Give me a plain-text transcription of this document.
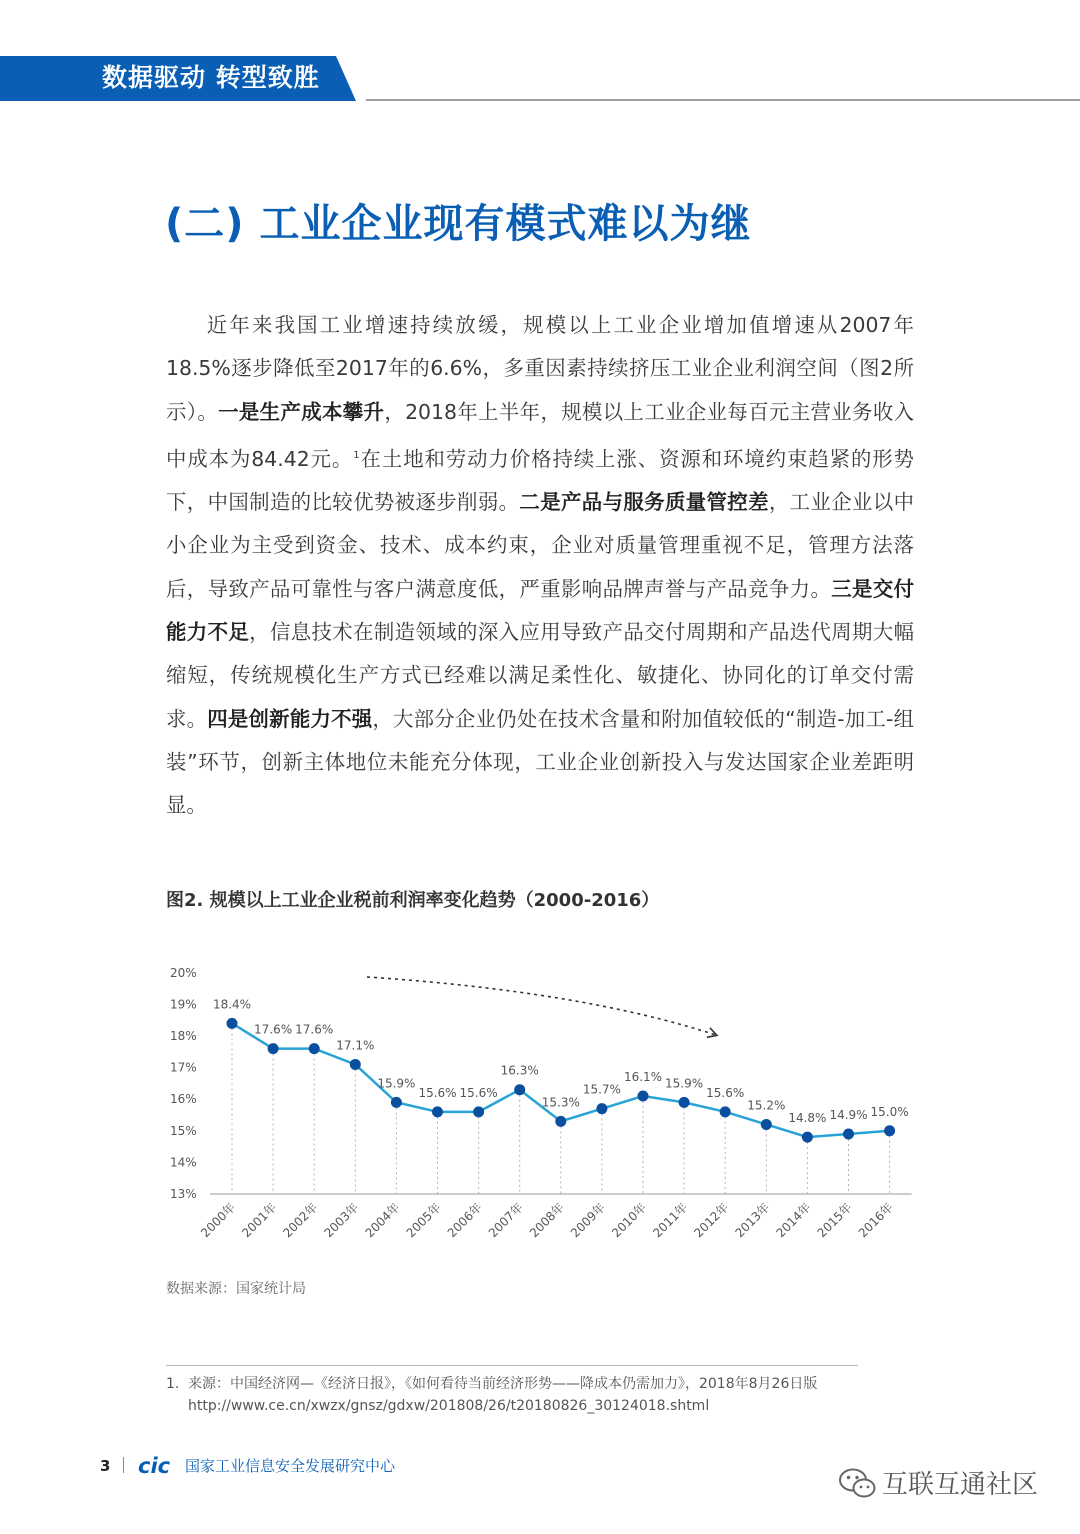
数据驱动 转型致胜
(二) 工业企业现有模式难以为继

近年来我国工业增速持续放缓，规模以上工业企业增加值增速从2007年18.5%逐步降低至2017年的6.6%，多重因素持续挤压工业企业利润空间（图2所示）。一是生产成本攀升，2018年上半年，规模以上工业企业每百元主营业务收入中成本为84.42元。$^1$在土地和劳动力价格持续上涨、资源和环境约束趋紧的形势下，中国制造的比较优势被逐步削弱。二是产品与服务质量管控差，工业企业以中小企业为主受到资金、技术、成本约束，企业对质量管理重视不足，管理方法落后，导致产品可靠性与客户满意度低，严重影响品牌声誉与产品竞争力。三是交付能力不足，信息技术在制造领域的深入应用导致产品交付周期和产品迭代周期大幅缩短，传统规模化生产方式已经难以满足柔性化、敏捷化、协同化的订单交付需求。四是创新能力不强，大部分企业仍处在技术含量和附加值较低的“制造-加工-组装”环节，创新主体地位未能充分体现，工业企业创新投入与发达国家企业差距明显。

图2. 规模以上工业企业税前利润率变化趋势（2000-2016）
13%
14%
15%
16%
17%
18%
19%
20%
18.4%
17.6% 17.6%
17.1%
15.9%
15.6% 15.6%
16.3%
15.3%
15.7%
16.1% 15.9%
15.6%
15.2%
14.8% 14.9% 15.0%
2000年 2001年 2002年 2003年 2004年 2005年 2006年 2007年 2008年 2009年 2010年 2011年 2012年 2013年 2014年 2015年 2016年
数据来源：国家统计局
1. 来源：中国经济网—《经济日报》，《如何看待当前经济形势——降成本仍需加力》，2018年8月26日版
http://www.ce.cn/xwzx/gnsz/gdxw/201808/26/t20180826_30124018.shtml
3 cic 国家工业信息安全发展研究中心
互联互通社区
